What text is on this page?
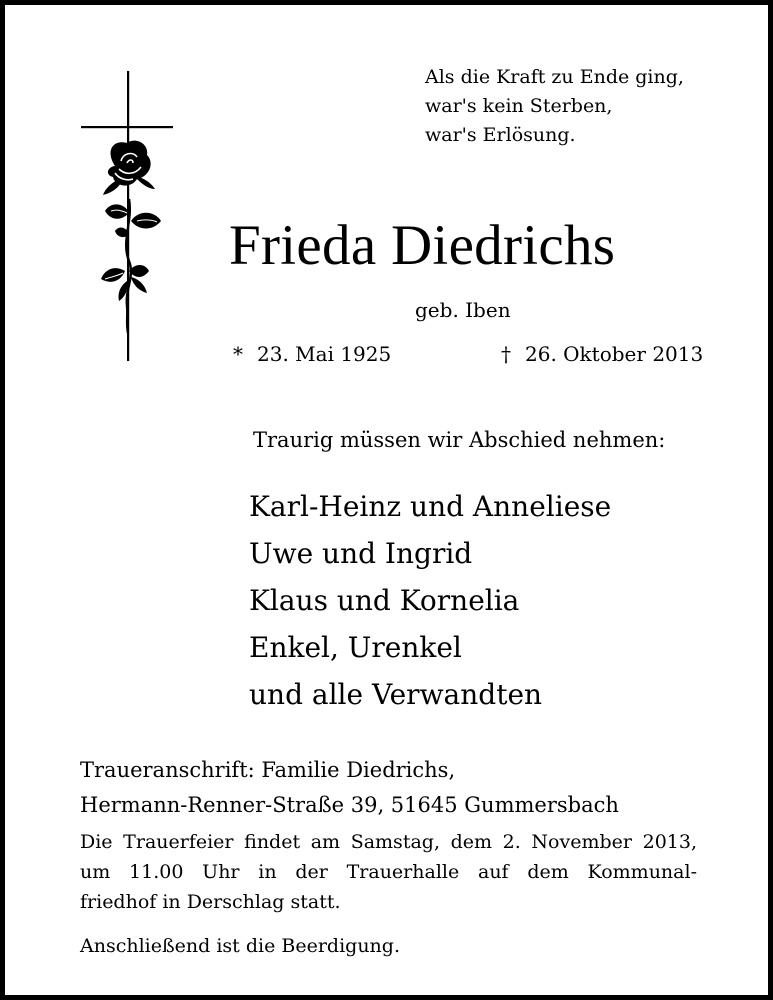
Als die Kraft zu Ende ging,
war's kein Sterben,
war's Erlösung.
Frieda Diedrichs
geb. Iben
* 23. Mai 1925	† 26. Oktober 2013
Traurig müssen wir Abschied nehmen:
Karl-Heinz und Anneliese
Uwe und Ingrid
Klaus und Kornelia
Enkel, Urenkel
und alle Verwandten
Traueranschrift: Familie Diedrichs,
Hermann-Renner-Straße 39, 51645 Gummersbach
Die Trauerfeier findet am Samstag, dem 2. November 2013,
um 11.00 Uhr in der Trauerhalle auf dem Kommunal-
friedhof in Derschlag statt.
Anschließend ist die Beerdigung.
